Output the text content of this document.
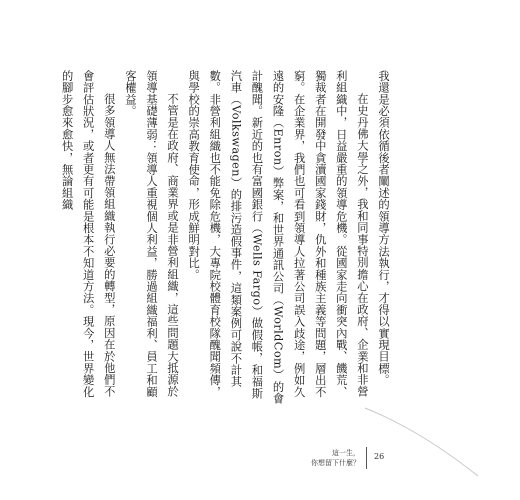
我還是必須依循後者闡述的領導方法執行，才得以實現目標。

在史丹佛大學之外，我和同事特別擔心在政府、企業和非營利組織中，日益嚴重的領導危機。從國家走向衝突內戰、饑荒、獨裁者在開發中貪瀆國家錢財，仇外和種族主義等問題，層出不窮。在企業界，我們也可看到領導人拉著公司誤入歧途，例如久遠的安隆（Enron）弊案，和世界通訊公司（WorldCom）的會計醜聞。新近的也有富國銀行（Wells Fargo）做假帳，和福斯汽車（Volkswagen）的排污造假事件，這類案例可說不計其數。非營利組織也不能免除危機，大專院校體育校隊醜聞頻傳，與學校的崇高教育使命，形成鮮明對比。

不管是在政府、商業界或是非營利組織，這些問題大抵源於領導基礎薄弱：領導人重視個人利益，勝過組織福利、員工和顧客權益。

很多領導人無法帶領組織執行必要的轉型，原因在於他們不會評估狀況，或者更有可能是根本不知道方法。現今，世界變化的腳步愈來愈快，無論組織

這一生，
你想留下什麼？
26
